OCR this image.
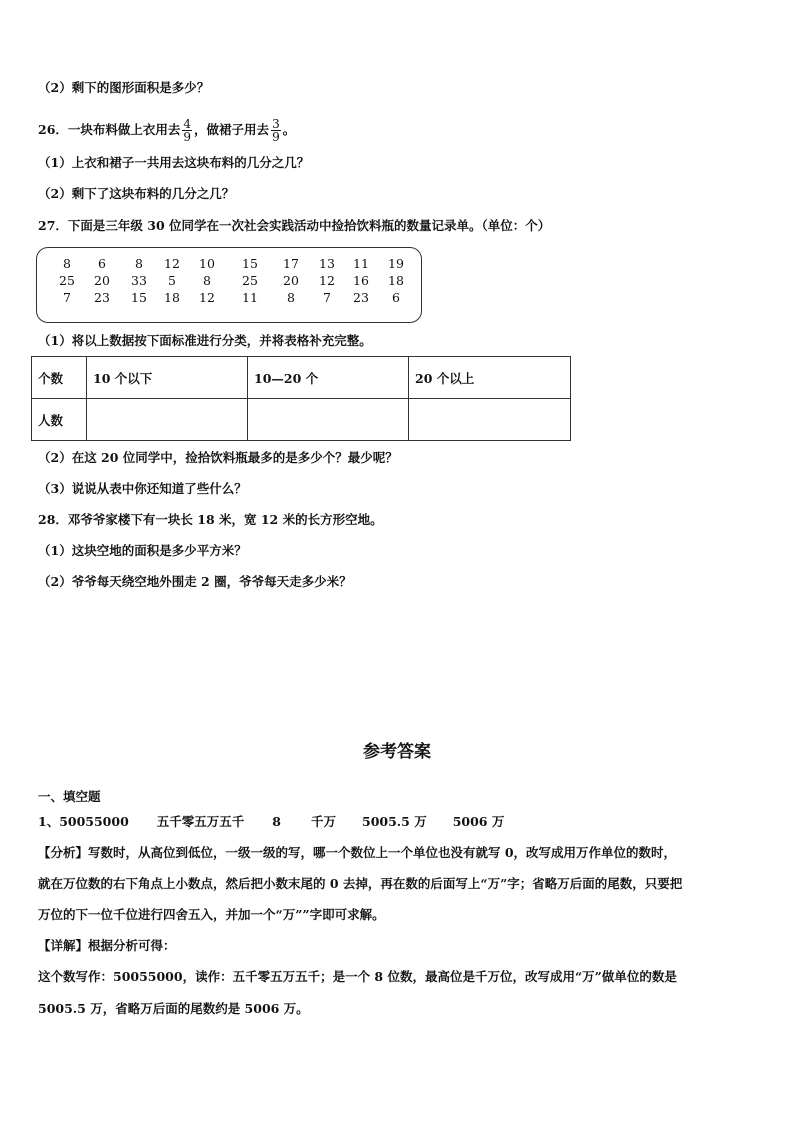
（2）剩下的图形面积是多少？
26．一块布料做上衣用去 $\frac{4}{9}$ ，做裙子用去 $\frac{3}{9}$ 。
（1）上衣和裙子一共用去这块布料的几分之几？
（2）剩下了这块布料的几分之几？
27．下面是三年级 30 位同学在一次社会实践活动中捡拾饮料瓶的数量记录单。（单位：个）
8	6	8	12	10	15	17	13	11	19
25	20	33	5	8	25	20	12	16	18
7	23	15	18	12	11	8	7	23	6
（1）将以上数据按下面标准进行分类，并将表格补充完整。
个数	10 个以下	10—20 个	20 个以上
人数			
（2）在这 20 位同学中，捡拾饮料瓶最多的是多少个？最少呢？
（3）说说从表中你还知道了些什么？
28．邓爷爷家楼下有一块长 18 米，宽 12 米的长方形空地。
（1）这块空地的面积是多少平方米？
（2）爷爷每天绕空地外围走 2 圈，爷爷每天走多少米？
参考答案
一、填空题
1、50055000 五千零五万五千 8 千万 5005.5 万 5006 万
【分析】写数时，从高位到低位，一级一级的写，哪一个数位上一个单位也没有就写 0，改写成用万作单位的数时，
就在万位数的右下角点上小数点，然后把小数末尾的 0 去掉，再在数的后面写上“万”字；省略万后面的尾数，只要把
万位的下一位千位进行四舍五入，并加一个“万””字即可求解。
【详解】根据分析可得：
这个数写作：50055000，读作：五千零五万五千；是一个 8 位数，最高位是千万位，改写成用“万”做单位的数是
5005.5 万，省略万后面的尾数约是 5006 万。
